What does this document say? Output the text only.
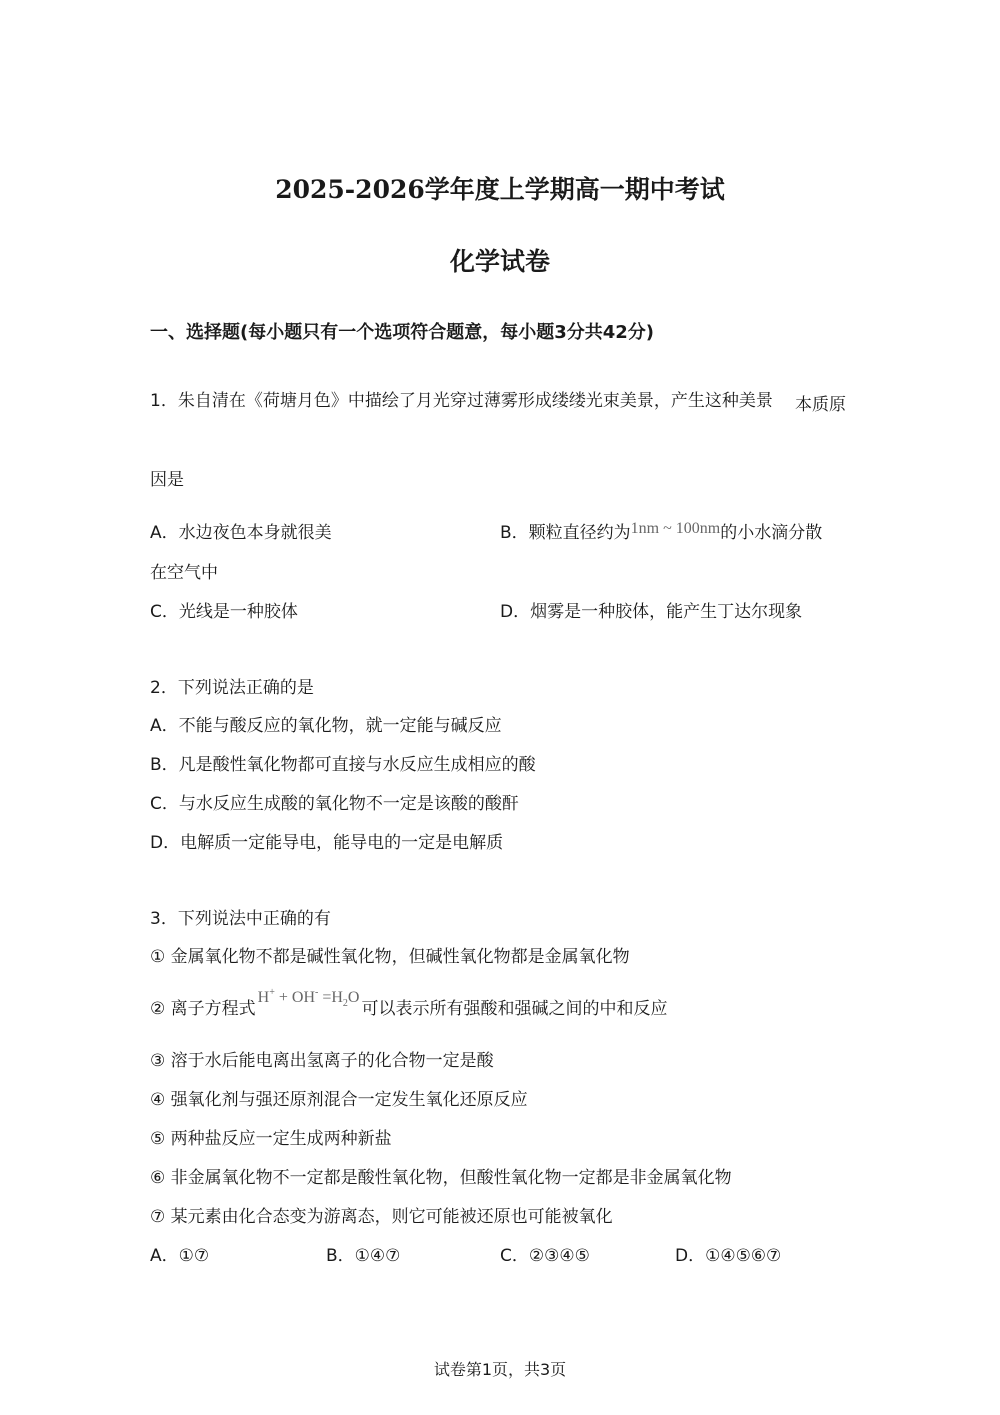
2025-2026学年度上学期高一期中考试
化学试卷
一、选择题(每小题只有一个选项符合题意，每小题3分共42分)
1．朱自清在《荷塘月色》中描绘了月光穿过薄雾形成缕缕光束美景，产生这种美景 本质原
因是
A．水边夜色本身就很美	B．颗粒直径约为1nm ~ 100nm的小水滴分散
在空气中
C．光线是一种胶体	D．烟雾是一种胶体，能产生丁达尔现象
2．下列说法正确的是
A．不能与酸反应的氧化物，就一定能与碱反应
B．凡是酸性氧化物都可直接与水反应生成相应的酸
C．与水反应生成酸的氧化物不一定是该酸的酸酐
D．电解质一定能导电，能导电的一定是电解质
3．下列说法中正确的有
① 金属氧化物不都是碱性氧化物，但碱性氧化物都是金属氧化物
② 离子方程式$H^+ + OH^- =H_2O$可以表示所有强酸和强碱之间的中和反应
③ 溶于水后能电离出氢离子的化合物一定是酸
④ 强氧化剂与强还原剂混合一定发生氧化还原反应
⑤ 两种盐反应一定生成两种新盐
⑥ 非金属氧化物不一定都是酸性氧化物，但酸性氧化物一定都是非金属氧化物
⑦ 某元素由化合态变为游离态，则它可能被还原也可能被氧化
A．①⑦	B．①④⑦	C．②③④⑤	D．①④⑤⑥⑦
试卷第1页，共3页
